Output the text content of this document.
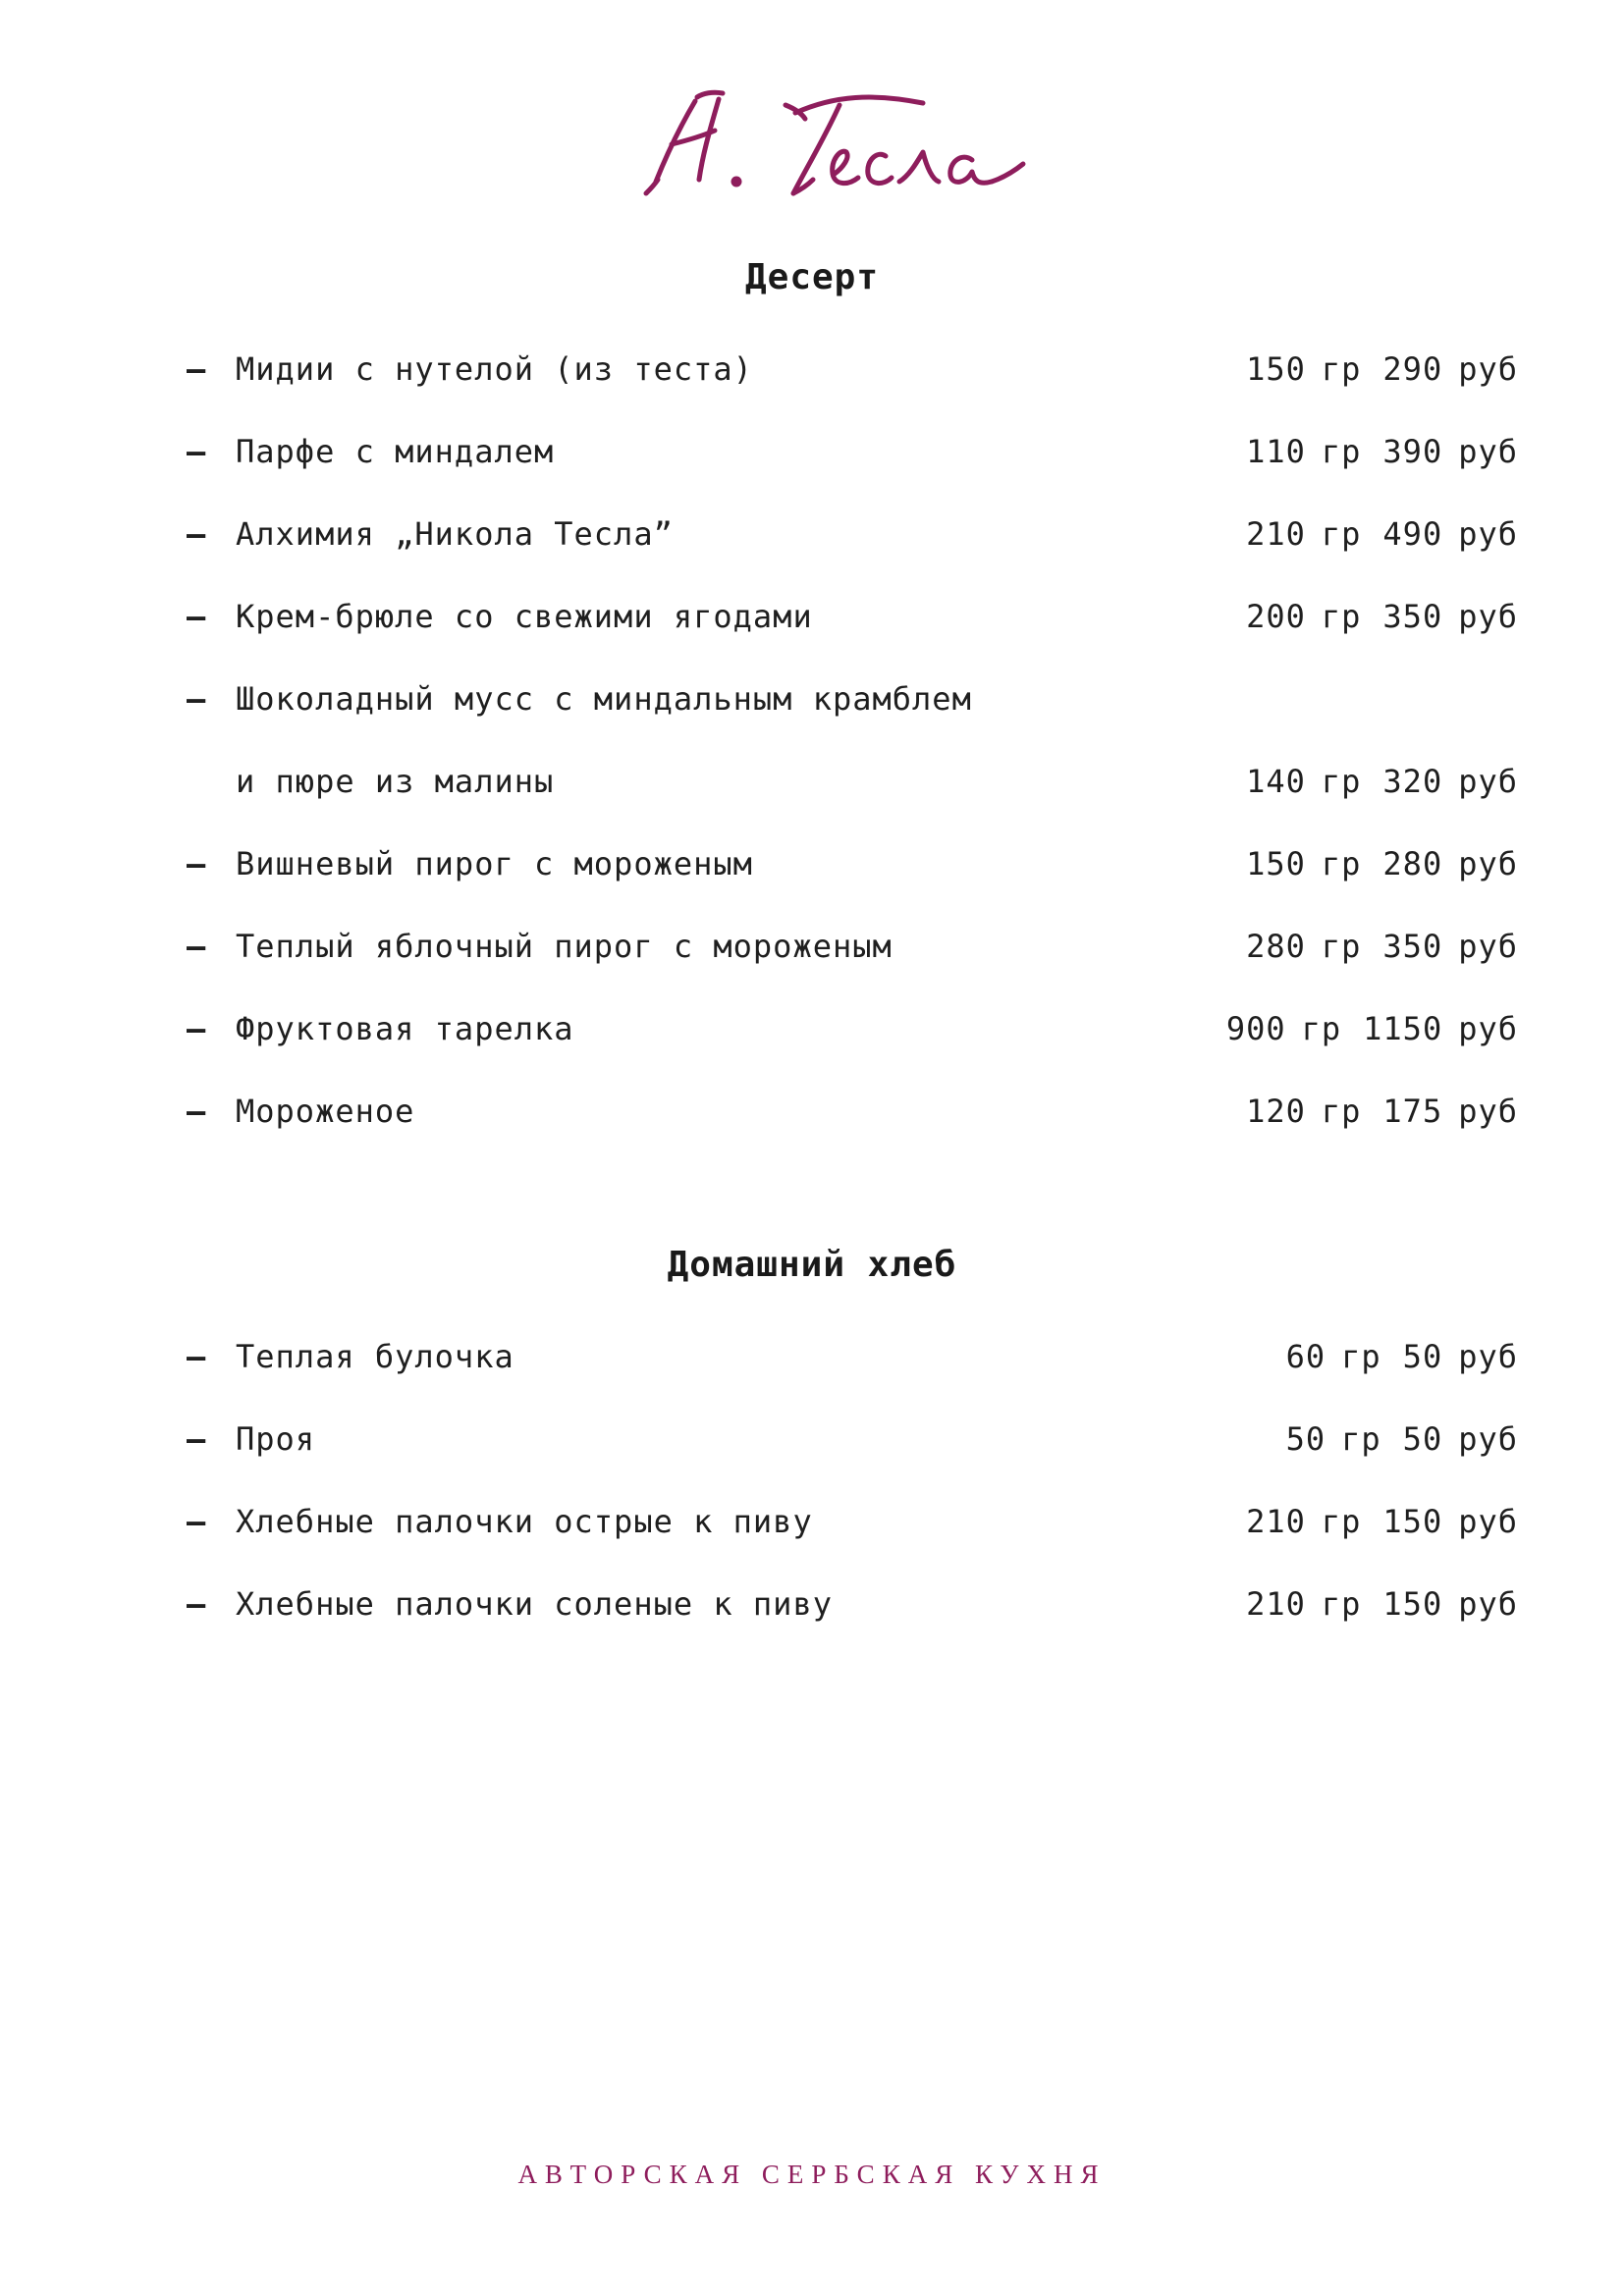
Десерт
– Мидии с нутелой (из теста)	150 гр 290 руб
– Парфе с миндалем	110 гр 390 руб
– Алхимия „Никола Тесла”	210 гр 490 руб
– Крем-брюле со свежими ягодами	200 гр 350 руб
– Шоколадный мусс с миндальным крамблем
и пюре из малины	140 гр 320 руб
– Вишневый пирог с мороженым	150 гр 280 руб
– Теплый яблочный пирог с мороженым	280 гр 350 руб
– Фруктовая тарелка	900 гр 1150 руб
– Мороженое	120 гр 175 руб
Домашний хлеб
– Теплая булочка	60 гр 50 руб
– Проя	50 гр 50 руб
– Хлебные палочки острые к пиву	210 гр 150 руб
– Хлебные палочки соленые к пиву	210 гр 150 руб
АВТОРСКАЯ СЕРБСКАЯ КУХНЯ
